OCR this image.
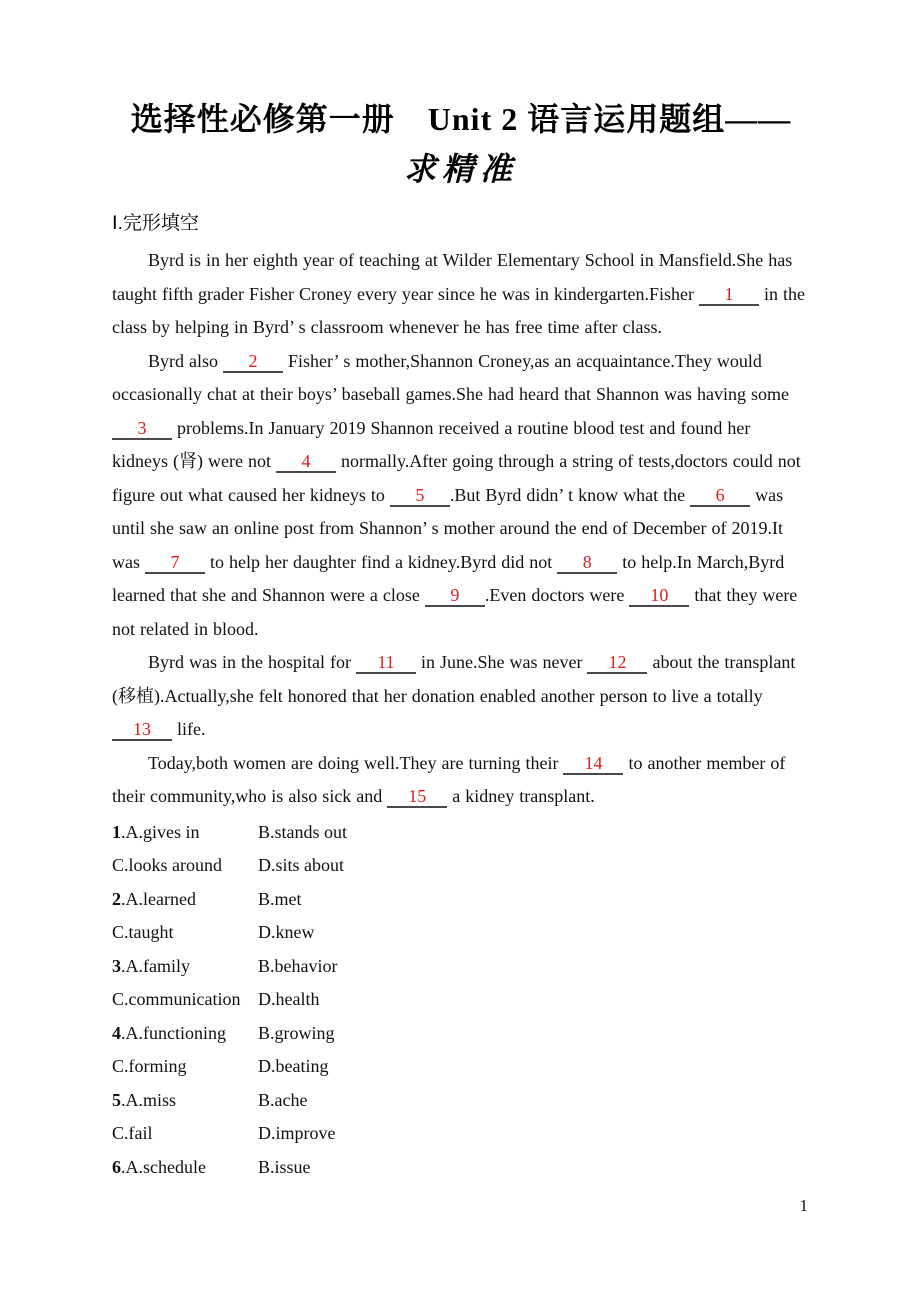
选择性必修第一册　Unit 2 语言运用题组——
求精准
Ⅰ.完形填空

Byrd is in her eighth year of teaching at Wilder Elementary School in Mansfield.She has taught fifth grader Fisher Croney every year since he was in kindergarten.Fisher 1 in the class by helping in Byrd’ s classroom whenever he has free time after class.

Byrd also 2 Fisher’ s mother,Shannon Croney,as an acquaintance.They would occasionally chat at their boys’ baseball games.She had heard that Shannon was having some 3 problems.In January 2019 Shannon received a routine blood test and found her kidneys (肾) were not 4 normally.After going through a string of tests,doctors could not figure out what caused her kidneys to 5 .But Byrd didn’ t know what the 6 was until she saw an online post from Shannon’ s mother around the end of December of 2019.It was 7 to help her daughter find a kidney.Byrd did not 8 to help.In March,Byrd learned that she and Shannon were a close 9 .Even doctors were 10 that they were not related in blood.

Byrd was in the hospital for 11 in June.She was never 12 about the transplant (移植).Actually,she felt honored that her donation enabled another person to live a totally 13 life.

Today,both women are doing well.They are turning their 14 to another member of their community,who is also sick and 15 a kidney transplant.

1.A.gives in	B.stands out
C.looks around	D.sits about
2.A.learned	B.met
C.taught	D.knew
3.A.family	B.behavior
C.communication D.health
4.A.functioning	B.growing
C.forming	D.beating
5.A.miss	B.ache
C.fail	D.improve
6.A.schedule	B.issue
1
